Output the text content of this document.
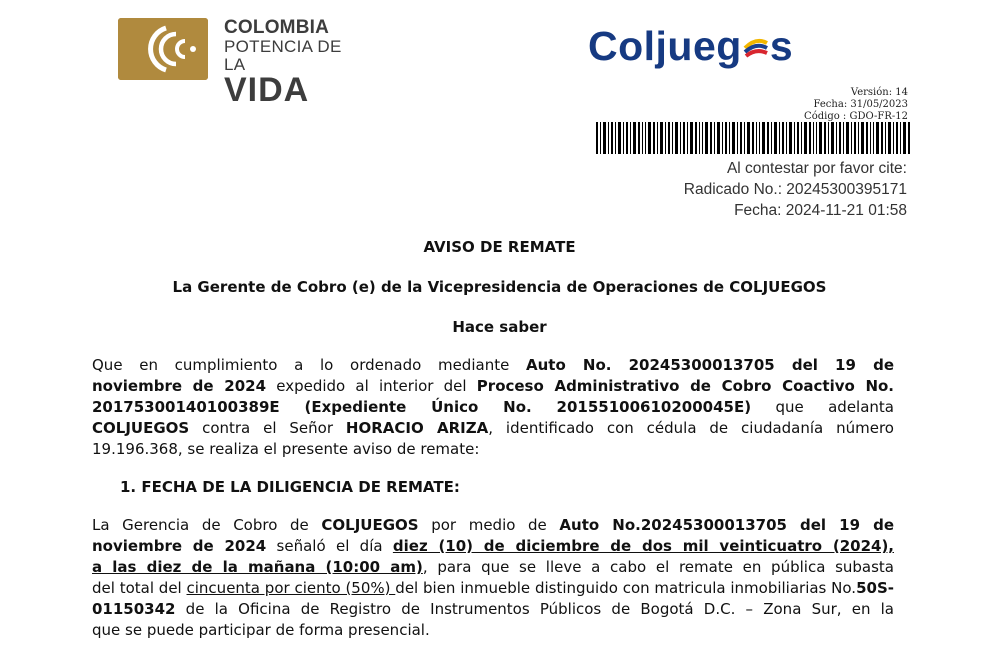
COLOMBIA
POTENCIA DE LA
VIDA
Coljueg s
Versión: 14
Fecha: 31/05/2023
Código : GDO-FR-12
Al contestar por favor cite:
Radicado No.: 20245300395171
Fecha: 2024-11-21 01:58
AVISO DE REMATE
La Gerente de Cobro (e) de la Vicepresidencia de Operaciones de COLJUEGOS
Hace saber
Que en cumplimiento a lo ordenado mediante Auto No. 20245300013705 del 19 de
noviembre de 2024 expedido al interior del Proceso Administrativo de Cobro Coactivo No.
20175300140100389E (Expediente Único No. 20155100610200045E) que adelanta
COLJUEGOS contra el Señor HORACIO ARIZA, identificado con cédula de ciudadanía número
19.196.368, se realiza el presente aviso de remate:
1. FECHA DE LA DILIGENCIA DE REMATE:
La Gerencia de Cobro de COLJUEGOS por medio de Auto No.20245300013705 del 19 de
noviembre de 2024 señaló el día diez (10) de diciembre de dos mil veinticuatro (2024),
a las diez de la mañana (10:00 am), para que se lleve a cabo el remate en pública subasta
del total del cincuenta por ciento (50%) del bien inmueble distinguido con matricula inmobiliarias No.50S-
01150342 de la Oficina de Registro de Instrumentos Públicos de Bogotá D.C. – Zona Sur, en la
que se puede participar de forma presencial.
